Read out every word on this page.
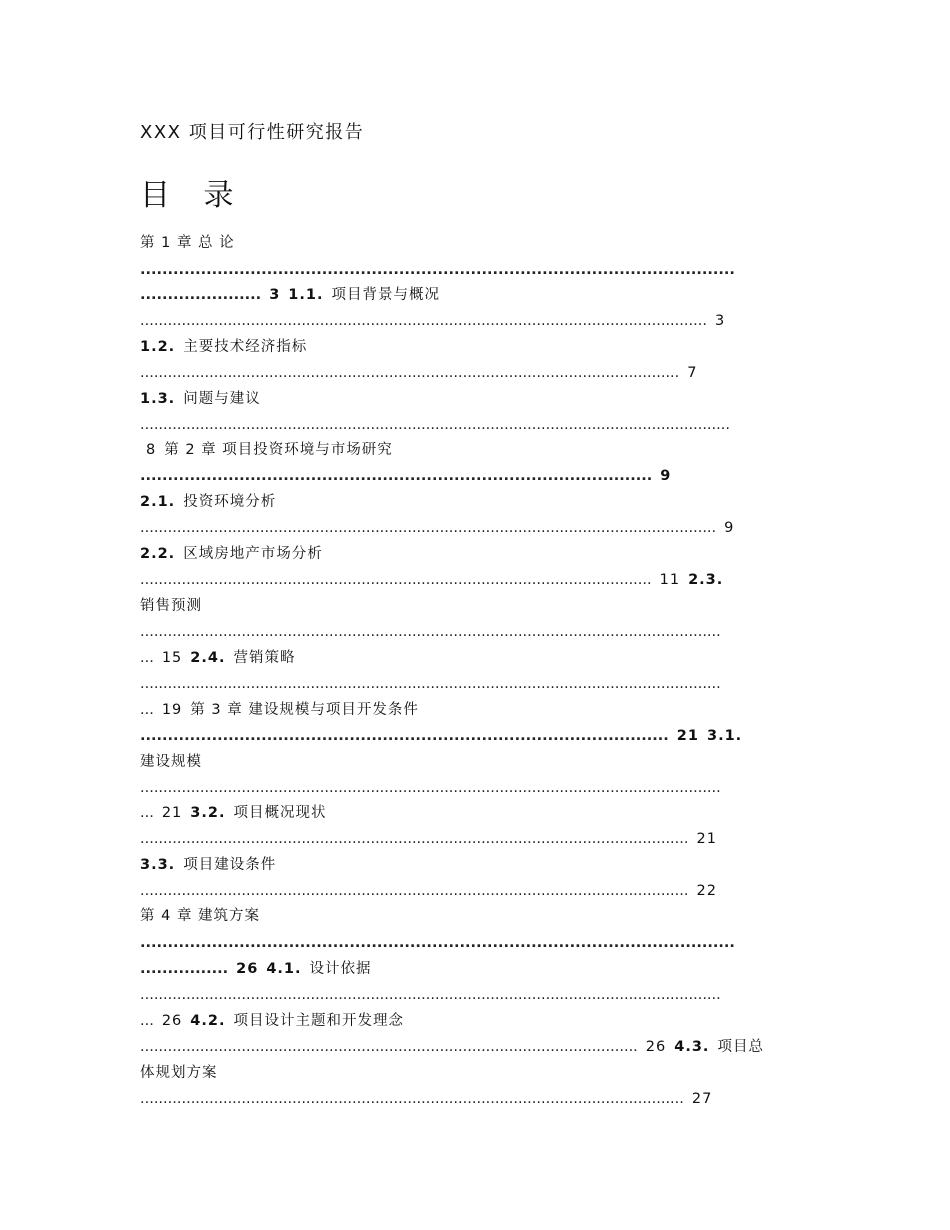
XXX 项目可行性研究报告
目 录
第 1 章 总 论
............................................................................................................
...................... 3 1.1. 项目背景与概况
........................................................................................................................... 3
1.2. 主要技术经济指标
..................................................................................................................... 7
1.3. 问题与建议
................................................................................................................................
8 第 2 章 项目投资环境与市场研究
............................................................................................. 9
2.1. 投资环境分析
............................................................................................................................. 9
2.2. 区域房地产市场分析
............................................................................................................... 11 2.3.
销售预测
..............................................................................................................................
... 15 2.4. 营销策略
..............................................................................................................................
... 19 第 3 章 建设规模与项目开发条件
................................................................................................ 21 3.1.
建设规模
..............................................................................................................................
... 21 3.2. 项目概况现状
....................................................................................................................... 21
3.3. 项目建设条件
....................................................................................................................... 22
第 4 章 建筑方案
............................................................................................................
................ 26 4.1. 设计依据
..............................................................................................................................
... 26 4.2. 项目设计主题和开发理念
............................................................................................................ 26 4.3. 项目总
体规划方案
...................................................................................................................... 27
